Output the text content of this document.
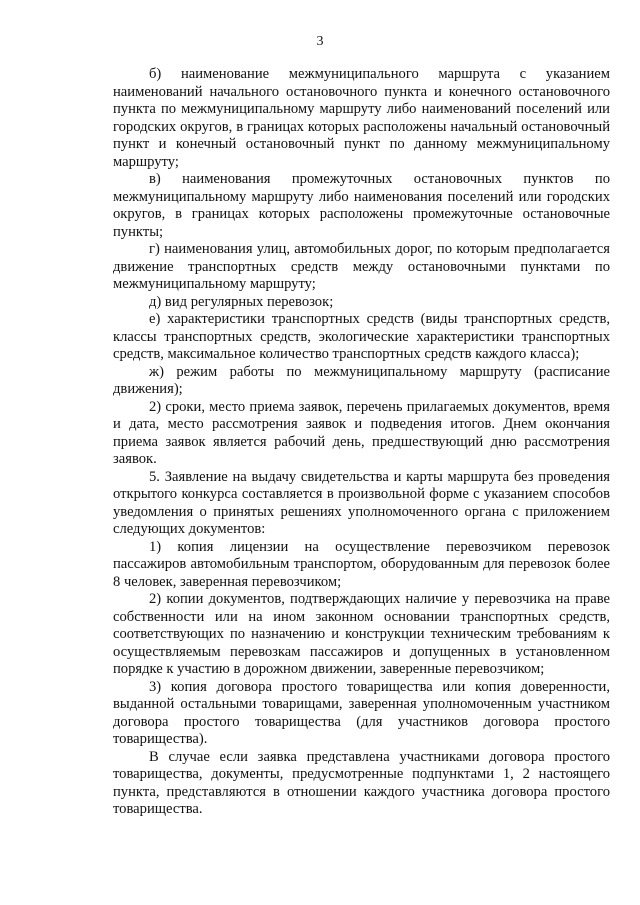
3

б) наименование межмуниципального маршрута с указанием наименований начального остановочного пункта и конечного остановочного пункта по межмуниципальному маршруту либо наименований поселений или городских округов, в границах которых расположены начальный остановочный пункт и конечный остановочный пункт по данному межмуниципальному маршруту;

в) наименования промежуточных остановочных пунктов по межмуниципальному маршруту либо наименования поселений или городских округов, в границах которых расположены промежуточные остановочные пункты;

г) наименования улиц, автомобильных дорог, по которым предполагается движение транспортных средств между остановочными пунктами по межмуниципальному маршруту;

д) вид регулярных перевозок;

е) характеристики транспортных средств (виды транспортных средств, классы транспортных средств, экологические характеристики транспортных средств, максимальное количество транспортных средств каждого класса);

ж) режим работы по межмуниципальному маршруту (расписание движения);

2) сроки, место приема заявок, перечень прилагаемых документов, время и дата, место рассмотрения заявок и подведения итогов. Днем окончания приема заявок является рабочий день, предшествующий дню рассмотрения заявок.

5. Заявление на выдачу свидетельства и карты маршрута без проведения открытого конкурса составляется в произвольной форме с указанием способов уведомления о принятых решениях уполномоченного органа с приложением следующих документов:

1) копия лицензии на осуществление перевозчиком перевозок пассажиров автомобильным транспортом, оборудованным для перевозок более 8 человек, заверенная перевозчиком;

2) копии документов, подтверждающих наличие у перевозчика на праве собственности или на ином законном основании транспортных средств, соответствующих по назначению и конструкции техническим требованиям к осуществляемым перевозкам пассажиров и допущенных в установленном порядке к участию в дорожном движении, заверенные перевозчиком;

3) копия договора простого товарищества или копия доверенности, выданной остальными товарищами, заверенная уполномоченным участником договора простого товарищества (для участников договора простого товарищества).

В случае если заявка представлена участниками договора простого товарищества, документы, предусмотренные подпунктами 1, 2 настоящего пункта, представляются в отношении каждого участника договора простого товарищества.
